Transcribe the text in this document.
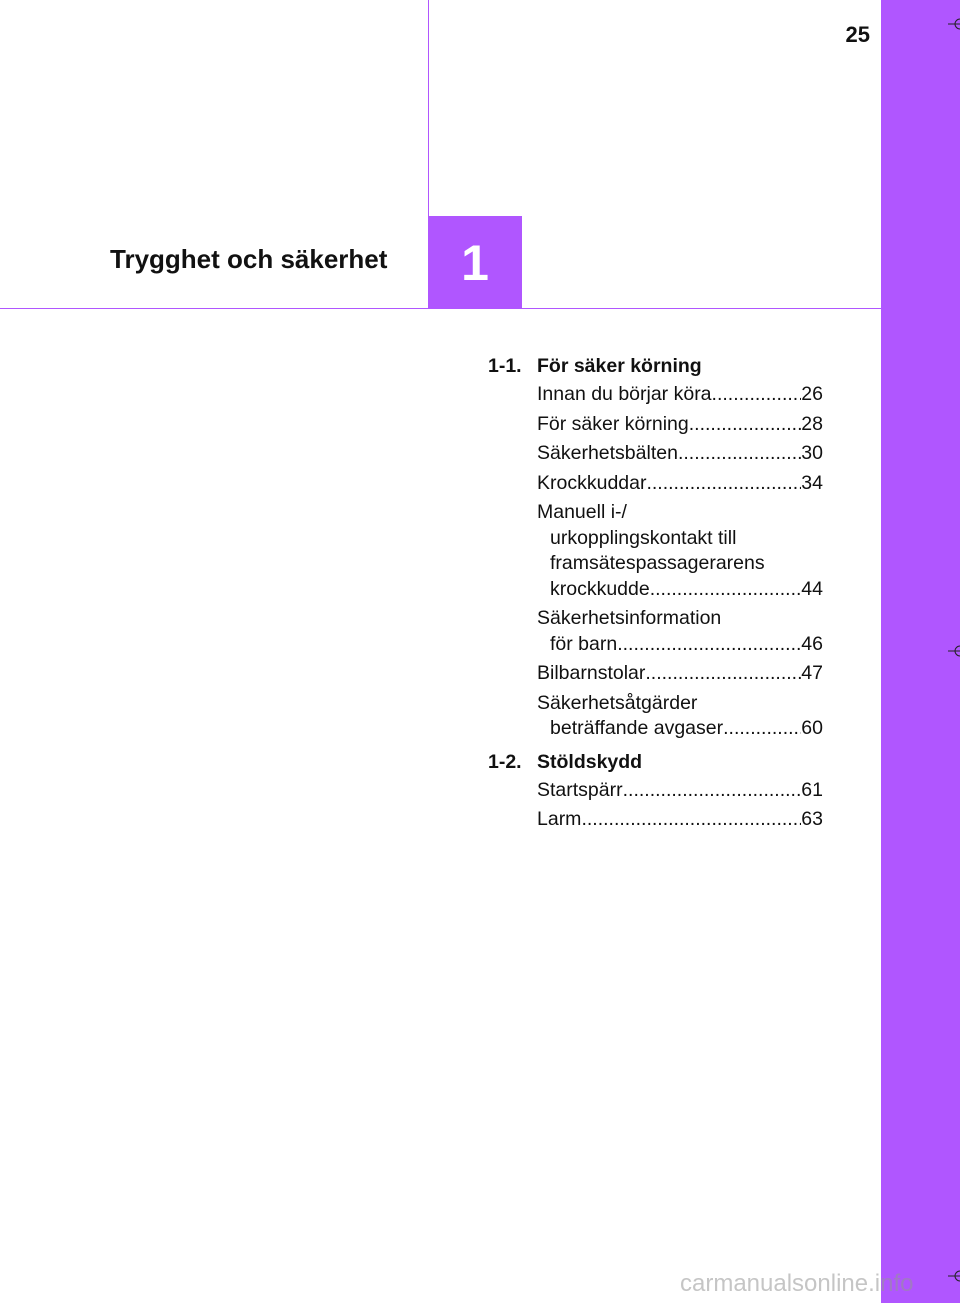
25
Trygghet och säkerhet	1
1-1. För säker körning
Innan du börjar köra .....	26
För säker körning .....	28
Säkerhetsbälten .....	30
Krockkuddar .....	34
Manuell i-/
urkopplingskontakt till
framsätespassagerarens
krockkudde .....	44
Säkerhetsinformation
för barn .....	46
Bilbarnstolar .....	47
Säkerhetsåtgärder
beträffande avgaser .....	60
1-2. Stöldskydd
Startspärr .....	61
Larm .....	63
carmanualsonline.info
